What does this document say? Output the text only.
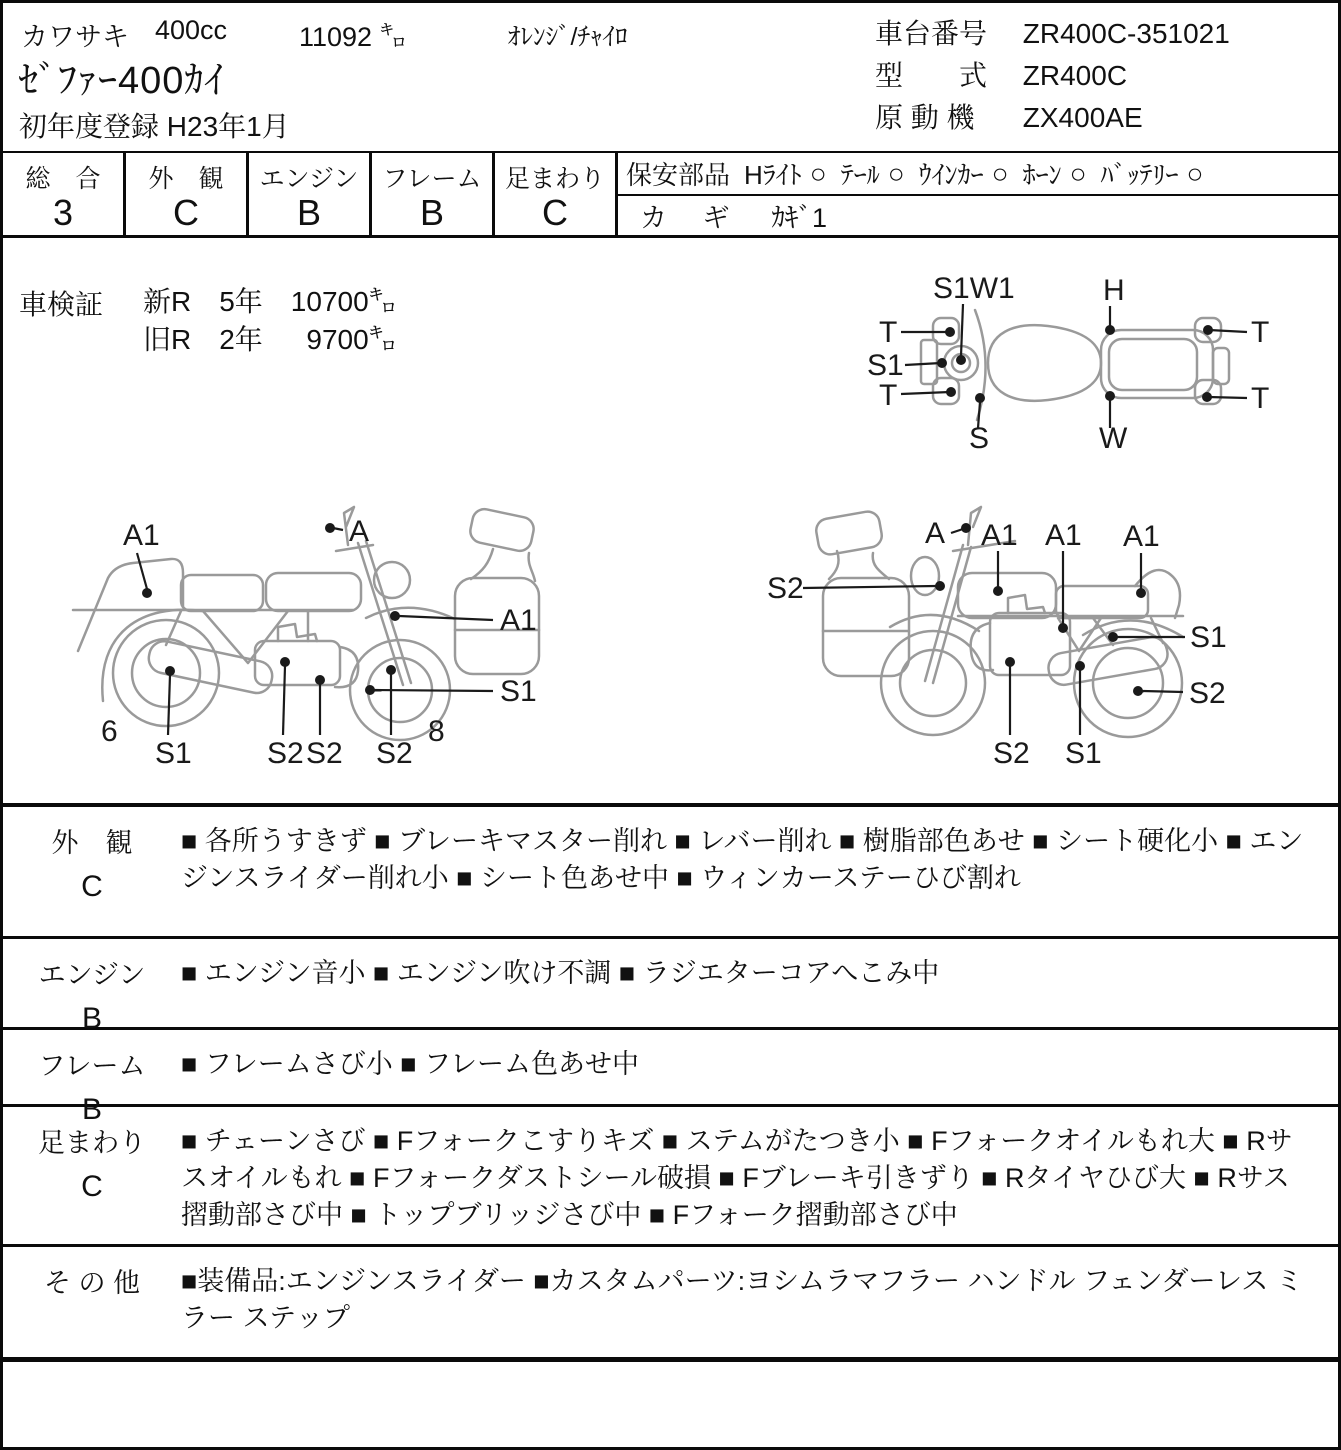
カワサキ 400cc	11092 ㌔	ｵﾚﾝｼﾞ/ﾁｬｲﾛ
ｾﾞﾌｧｰ400ｶｲ
初年度登録 H23年1月
車台番号 ZR400C-351021
型　　式 ZR400C
原 動 機 ZX400AE
総　合
3
外　観
C
エンジン
B
フレーム
B
足まわり
C
保安部品 Hﾗｲﾄ ○ ﾃｰﾙ ○ ｳｲﾝｶｰ ○ ﾎｰﾝ ○ ﾊﾞｯﾃﾘｰ ○
カ ギ ｶｷﾞ1
車検証 新R　5年　10700㌔
旧R　2年　  9700㌔
S1W1	H
T
S1
T
S	W
T
T
A1	A
A1
S1
6
S1	S2 S2 S2
8
S2
A A1 A1 A1
S1
S2
S2 S1
外　観
C
■ 各所うすきず ■ ブレーキマスター削れ ■ レバー削れ ■ 樹脂部色あせ ■ シート硬化小 ■ エンジンスライダー削れ小 ■ シート色あせ中 ■ ウィンカーステーひび割れ
エンジン
B
■ エンジン音小 ■ エンジン吹け不調 ■ ラジエターコアへこみ中
フレーム
B
■ フレームさび小 ■ フレーム色あせ中
足まわり
C
■ チェーンさび ■ Fフォークこすりキズ ■ ステムがたつき小 ■ Fフォークオイルもれ大 ■ Rサスオイルもれ ■ Fフォークダストシール破損 ■ Fブレーキ引きずり ■ Rタイヤひび大 ■ Rサス摺動部さび中 ■ トップブリッジさび中 ■ Fフォーク摺動部さび中
そ の 他 ■装備品:エンジンスライダー ■カスタムパーツ:ヨシムラマフラー ハンドル フェンダーレス ミラー ステップ
